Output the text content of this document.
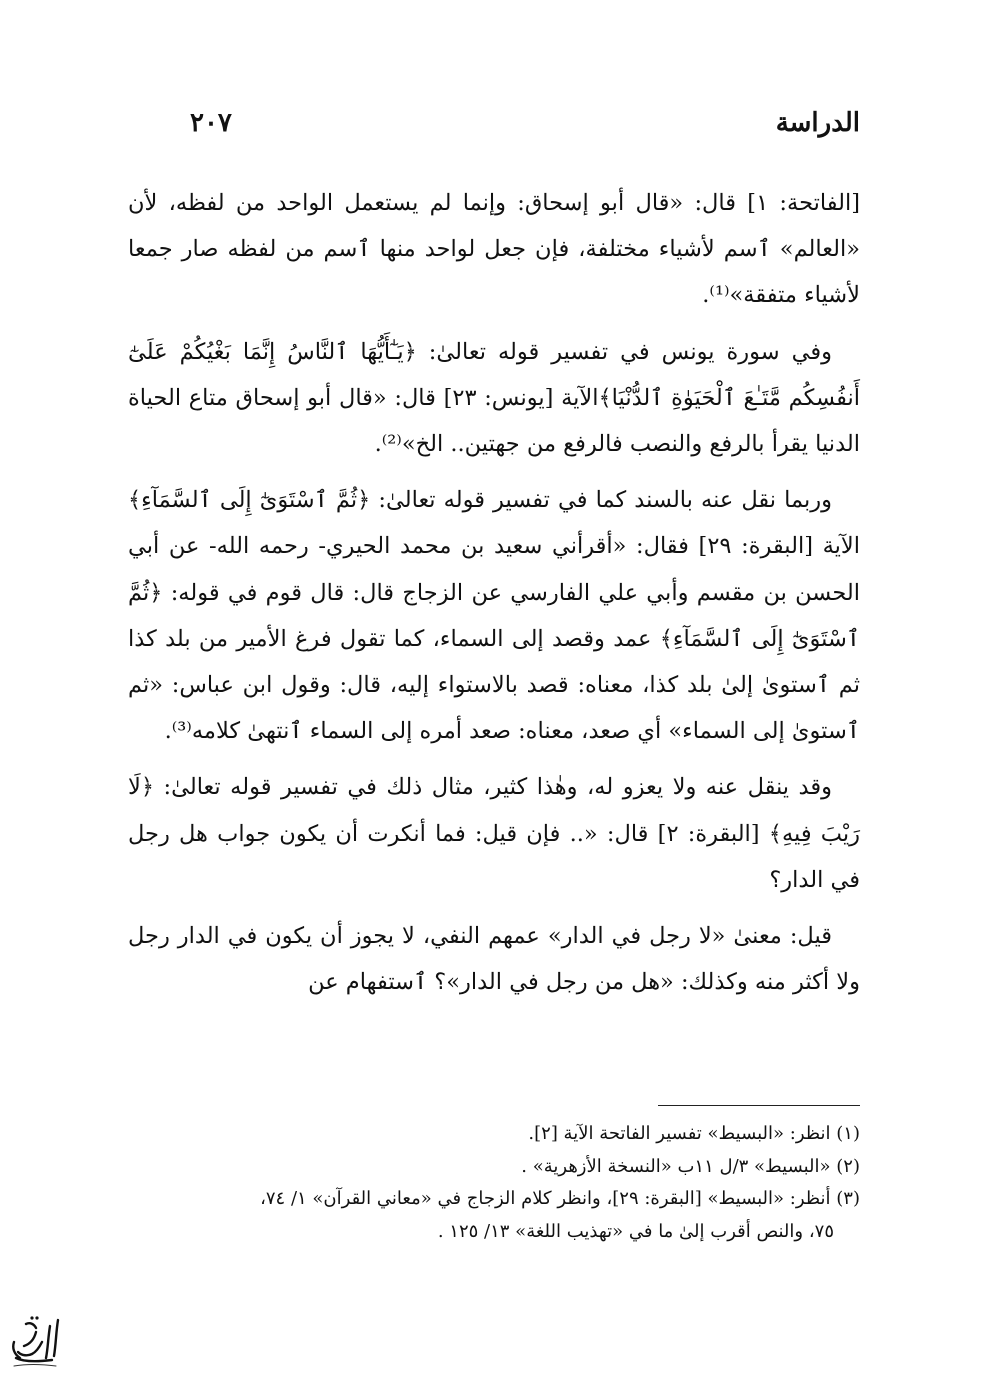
الدراسة
٢٠٧

[الفاتحة: ١] قال: «قال أبو إسحاق: وإنما لم يستعمل الواحد من لفظه، لأن «العالم» ٱسم لأشياء مختلفة، فإن جعل لواحد منها ٱسم من لفظه صار جمعا لأشياء متفقة»⁽¹⁾.

وفي سورة يونس في تفسير قوله تعالىٰ: ﴿يَـٰٓأَيُّهَا ٱلنَّاسُ إِنَّمَا بَغْيُكُمْ عَلَىٰٓ أَنفُسِكُم مَّتَـٰعَ ٱلْحَيَوٰةِ ٱلدُّنْيَا﴾الآية [يونس: ٢٣] قال: «قال أبو إسحاق متاع الحياة الدنيا يقرأ بالرفع والنصب فالرفع من جهتين.. الخ»⁽²⁾.

وربما نقل عنه بالسند كما في تفسير قوله تعالىٰ: ﴿ثُمَّ ٱسْتَوَىٰٓ إِلَى ٱلسَّمَآءِ﴾ الآية [البقرة: ٢٩] فقال: «أقرأني سعيد بن محمد الحيري- رحمه الله- عن أبي الحسن بن مقسم وأبي علي الفارسي عن الزجاج قال: قال قوم في قوله: ﴿ثُمَّ ٱسْتَوَىٰٓ إِلَى ٱلسَّمَآءِ﴾ عمد وقصد إلى السماء، كما تقول فرغ الأمير من بلد كذا ثم ٱستوىٰ إلىٰ بلد كذا، معناه: قصد بالاستواء إليه، قال: وقول ابن عباس: «ثم ٱستوىٰ إلى السماء» أي صعد، معناه: صعد أمره إلى السماء ٱنتهىٰ كلامه⁽³⁾.

وقد ينقل عنه ولا يعزو له، وهٰذا كثير، مثال ذلك في تفسير قوله تعالىٰ: ﴿لَا رَيْبَ فِيهِ﴾ [البقرة: ٢] قال: «.. فإن قيل: فما أنكرت أن يكون جواب هل رجل في الدار؟

قيل: معنىٰ «لا رجل في الدار» عمهم النفي، لا يجوز أن يكون في الدار رجل ولا أكثر منه وكذلك: «هل من رجل في الدار»؟ ٱستفهام عن

(١) انظر: «البسيط» تفسير الفاتحة الآية [٢].

(٢) «البسيط» ٣/ل ١١ب «النسخة الأزهرية» .

(٣) أنظر: «البسيط» [البقرة: ٢٩]، وانظر كلام الزجاج في «معاني القرآن» ١/ ٧٤،

٧٥، والنص أقرب إلىٰ ما في «تهذيب اللغة» ١٣/ ١٢٥ .
